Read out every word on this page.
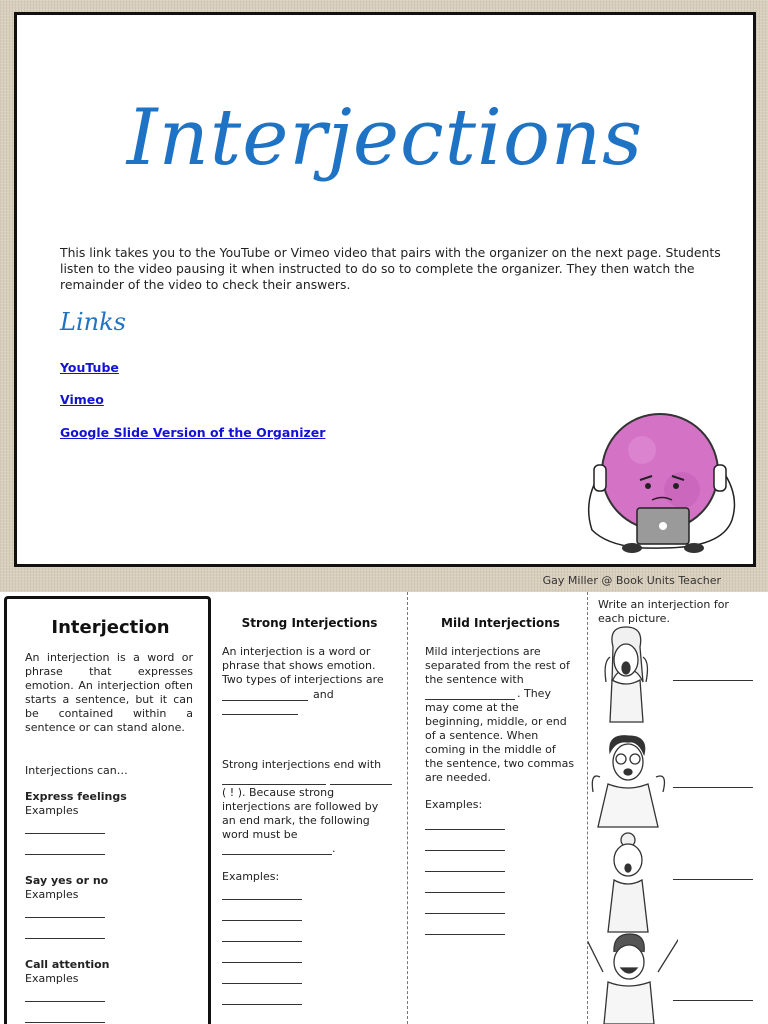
Interjections
This link takes you to the YouTube or Vimeo video that pairs with the organizer on the next page. Students listen to the video pausing it when instructed to do so to complete the organizer. They then watch the remainder of the video to check their answers.
Links
YouTube
Vimeo
Google Slide Version of the Organizer
Gay Miller @ Book Units Teacher
Interjection
An interjection is a word or phrase that expresses emotion. An interjection often starts a sentence, but it can be contained within a sentence or can stand alone.
Interjections can…
Express feelings
Examples
Say yes or no
Examples
Call attention
Examples
Strong Interjections
An interjection is a word or phrase that shows emotion. Two types of interjections are
and
Strong interjections end with
( ! ). Because strong interjections are followed by an end mark, the following word must be
.
Examples:
Mild Interjections
Mild interjections are separated from the rest of the sentence with
. They may come at the beginning, middle, or end of a sentence. When coming in the middle of the sentence, two commas are needed.
Examples:
Write an interjection for each picture.
